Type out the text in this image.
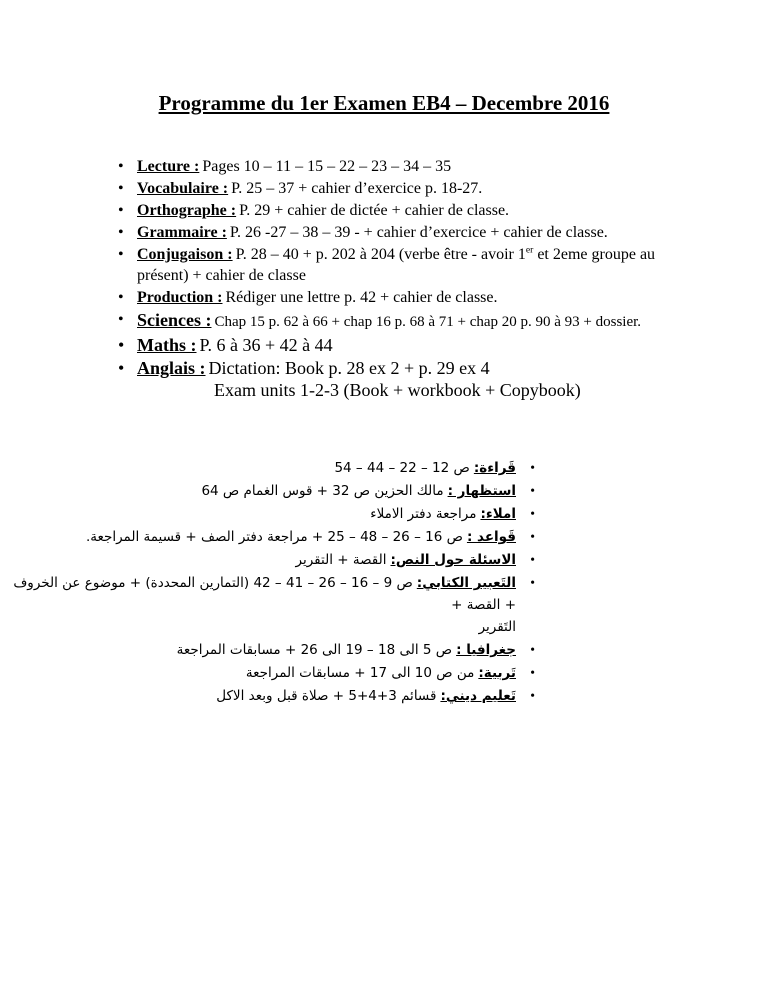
Programme du 1er Examen EB4 – Decembre 2016
• Lecture : Pages 10 – 11 – 15 – 22 – 23 – 34 – 35
• Vocabulaire : P. 25 – 37 + cahier d’exercice p. 18-27.
• Orthographe : P. 29 + cahier de dictée + cahier de classe.
• Grammaire : P. 26 -27 – 38 – 39 - + cahier d’exercice + cahier de classe.
• Conjugaison : P. 28 – 40 + p. 202 à 204 (verbe être - avoir 1er et 2eme groupe au présent) + cahier de classe
• Production : Rédiger une lettre p. 42 + cahier de classe.
• Sciences : Chap 15 p. 62 à 66 + chap 16 p. 68 à 71 + chap 20 p. 90 à 93 + dossier.
• Maths : P. 6 à 36 + 42 à 44
• Anglais : Dictation: Book p. 28 ex 2 + p. 29 ex 4
Exam units 1-2-3 (Book + workbook + Copybook)
•
قَراءة:ص 12 – 22 – 44 – 54
•
استظهار :مالك الحزين ص 32 + قوس الغمام ص 64
•
املاء:مراجعة دفتر الاملاء
•
قَواعد :ص 16 – 26 – 48 – 25 + مراجعة دفتر الصف + قسيمة المراجعة.
•
الاسئلة حول النص:القصة + التقرير
•
التَعبير الكتابي:ص 9 – 16 – 26 – 41 – 42 (التمارين المحددة) + موضوع عن الخروف + القصة +
التَقرير
•
جغرافيا :ص 5 الى 18 – 19 الى 26 + مسابقات المراجعة
•
تَربية:من ص 10 الى 17 + مسابقات المراجعة
•
تَعليم ديني:قسائم 3+4+5 + صلاة قبل وبعد الاكل
